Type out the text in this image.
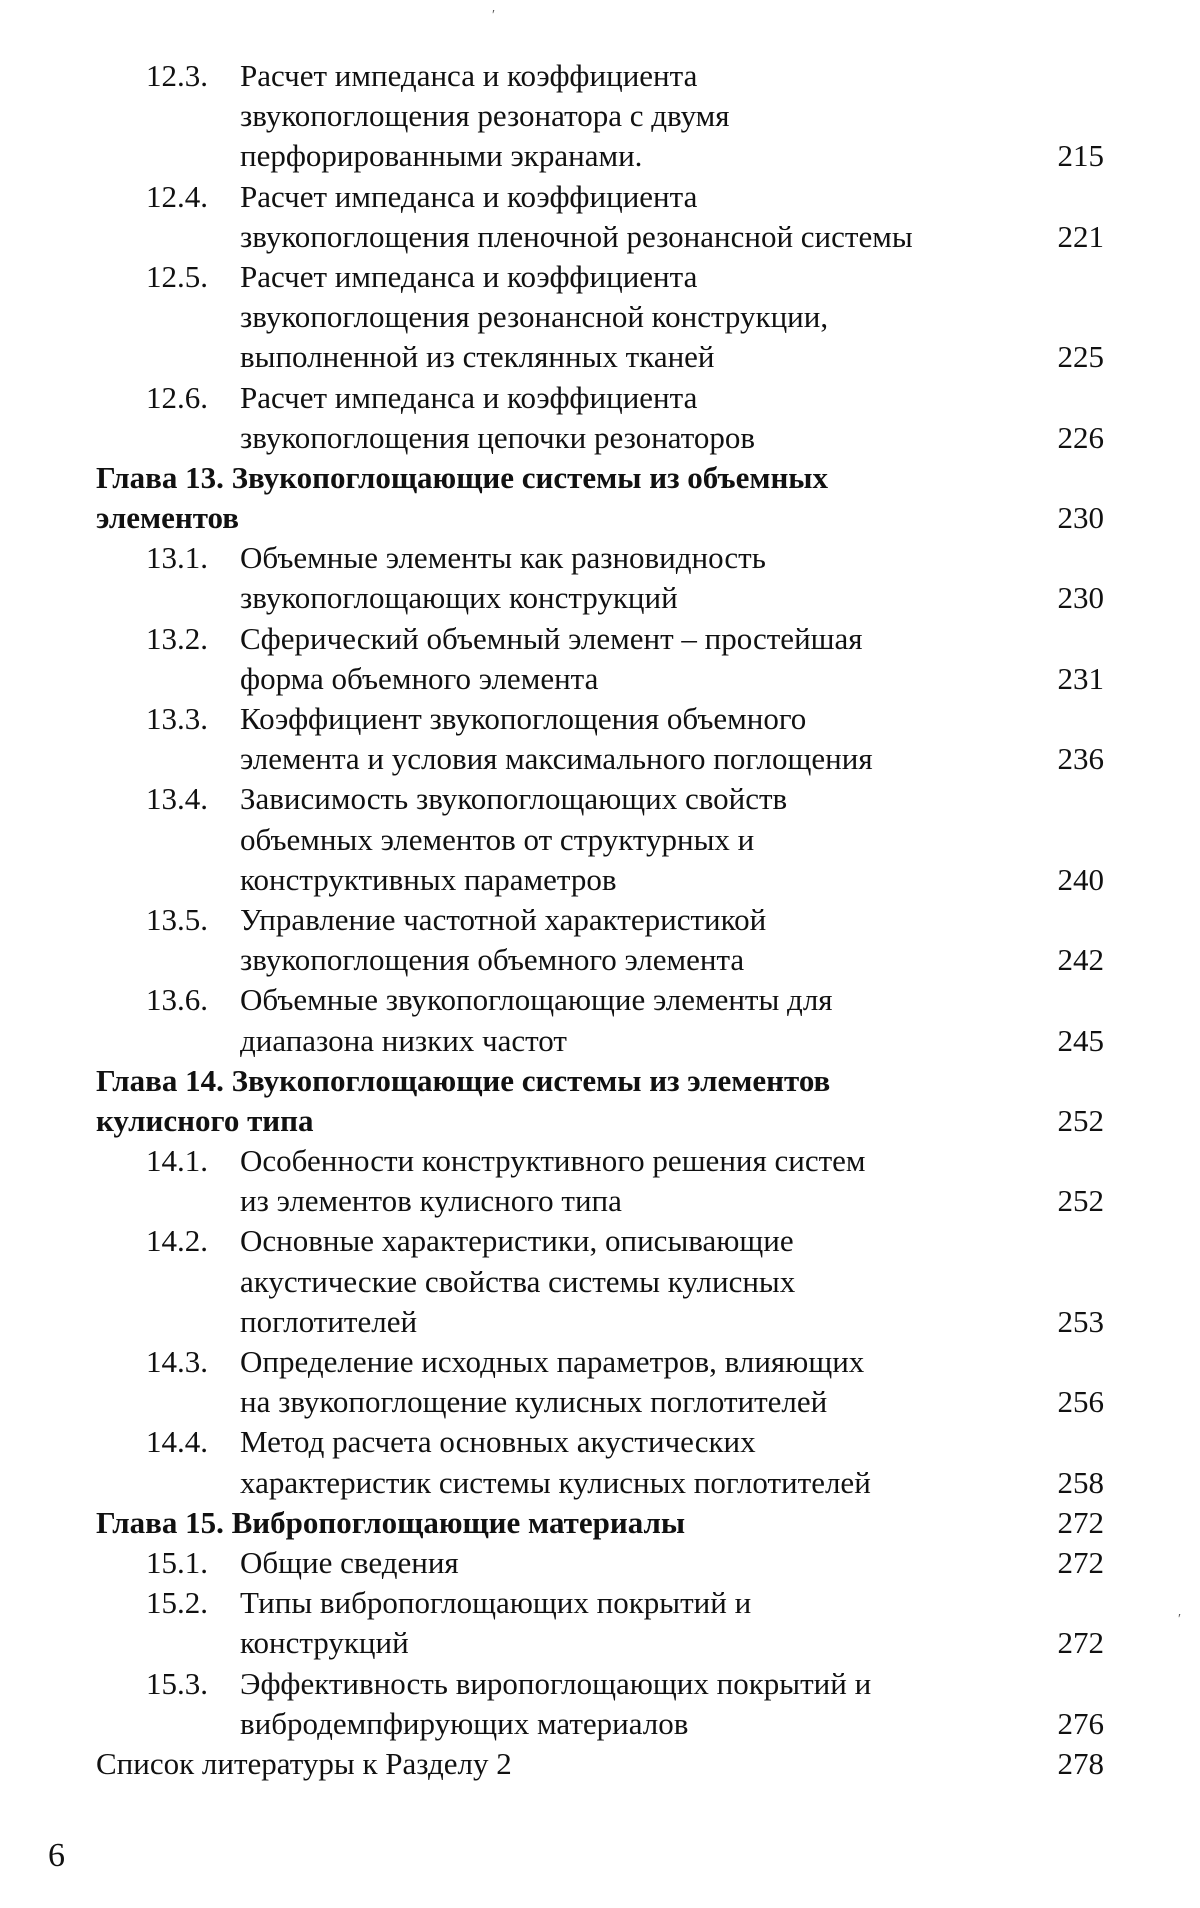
′
′
12.3.	Расчет импеданса и коэффициента
звукопоглощения резонатора с двумя
перфорированными экранами.	215
12.4.	Расчет импеданса и коэффициента
звукопоглощения пленочной резонансной системы	221
12.5.	Расчет импеданса и коэффициента
звукопоглощения резонансной конструкции,
выполненной из стеклянных тканей	225
12.6.	Расчет импеданса и коэффициента
звукопоглощения цепочки резонаторов	226
Глава 13. Звукопоглощающие системы из объемных
элементов	230
13.1.	Объемные элементы как разновидность
звукопоглощающих конструкций	230
13.2.	Сферический объемный элемент – простейшая
форма объемного элемента	231
13.3.	Коэффициент звукопоглощения объемного
элемента и условия максимального поглощения	236
13.4.	Зависимость звукопоглощающих свойств
объемных элементов от структурных и
конструктивных параметров	240
13.5.	Управление частотной характеристикой
звукопоглощения объемного элемента	242
13.6.	Объемные звукопоглощающие элементы для
диапазона низких частот	245
Глава 14. Звукопоглощающие системы из элементов
кулисного типа	252
14.1.	Особенности конструктивного решения систем
из элементов кулисного типа	252
14.2.	Основные характеристики, описывающие
акустические свойства системы кулисных
поглотителей	253
14.3.	Определение исходных параметров, влияющих
на звукопоглощение кулисных поглотителей	256
14.4.	Метод расчета основных акустических
характеристик системы кулисных поглотителей	258
Глава 15. Вибропоглощающие материалы	272
15.1.	Общие сведения	272
15.2.	Типы вибропоглощающих покрытий и
конструкций	272
15.3.	Эффективность виропоглощающих покрытий и
вибродемпфирующих материалов	276
Список литературы к Разделу 2	278
6
